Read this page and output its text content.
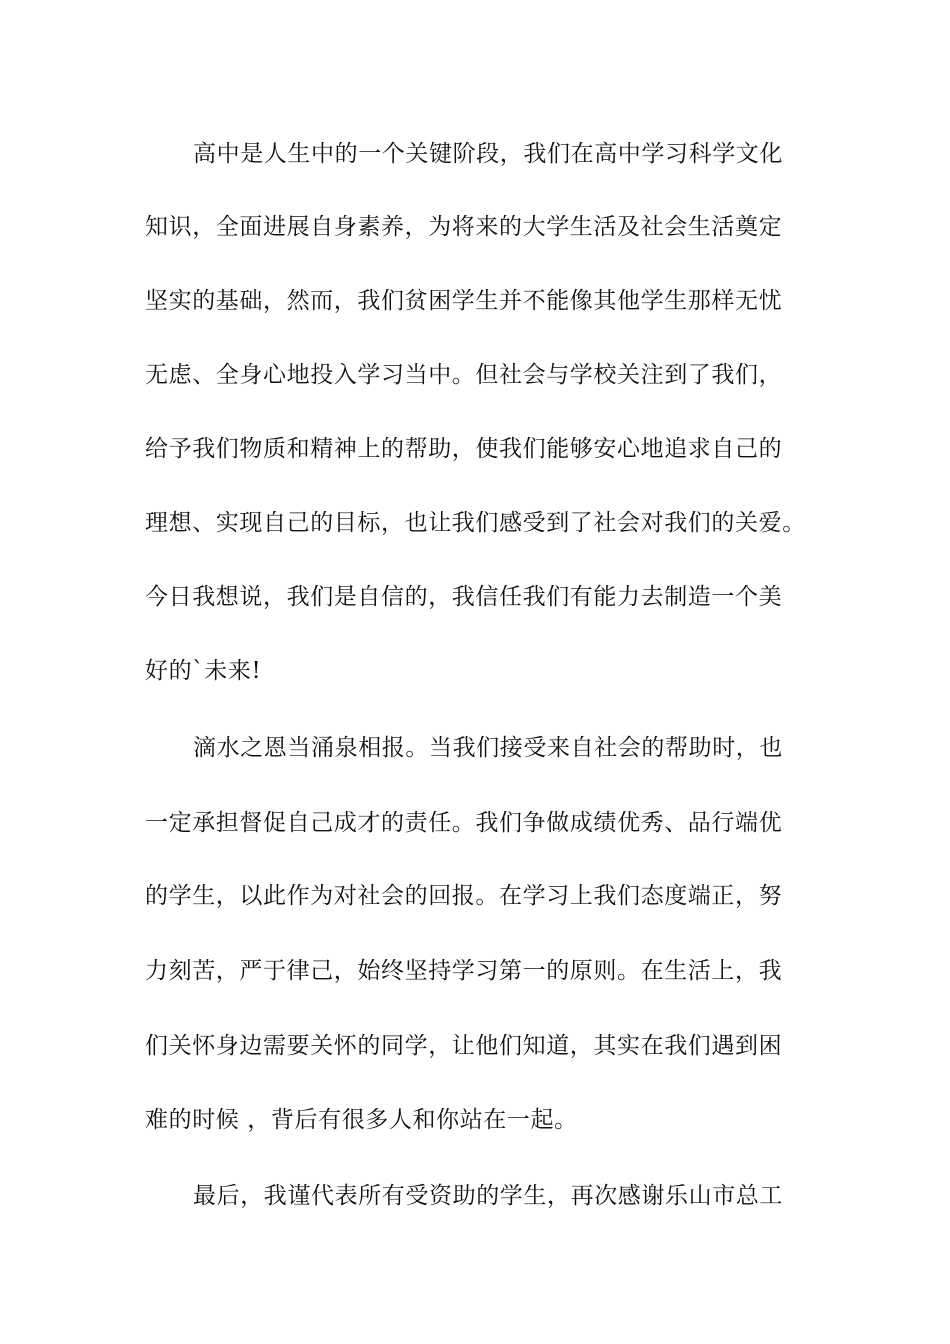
高中是人生中的一个关键阶段，我们在高中学习科学文化
知识，全面进展自身素养，为将来的大学生活及社会生活奠定
坚实的基础，然而，我们贫困学生并不能像其他学生那样无忧
无虑、全身心地投入学习当中。但社会与学校关注到了我们，
给予我们物质和精神上的帮助，使我们能够安心地追求自己的
理想、实现自己的目标，也让我们感受到了社会对我们的关爱。
今日我想说，我们是自信的，我信任我们有能力去制造一个美
好的`未来!
滴水之恩当涌泉相报。当我们接受来自社会的帮助时，也
一定承担督促自己成才的责任。我们争做成绩优秀、品行端优
的学生，以此作为对社会的回报。在学习上我们态度端正，努
力刻苦，严于律己，始终坚持学习第一的原则。在生活上，我
们关怀身边需要关怀的同学，让他们知道，其实在我们遇到困
难的时候 ，背后有很多人和你站在一起。
最后，我谨代表所有受资助的学生，再次感谢乐山市总工
